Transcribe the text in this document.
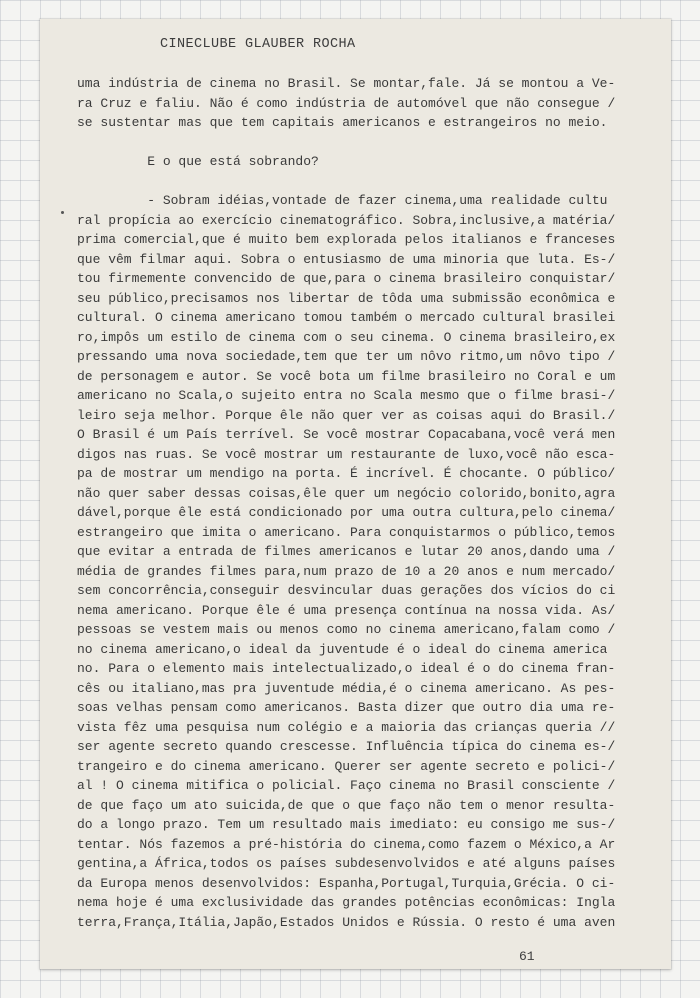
CINECLUBE GLAUBER ROCHA
uma indústria de cinema no Brasil. Se montar,fale. Já se montou a Ve-
ra Cruz e faliu. Não é como indústria de automóvel que não consegue /
se sustentar mas que tem capitais americanos e estrangeiros no meio.
E o que está sobrando?
- Sobram idéias,vontade de fazer cinema,uma realidade cultu
ral propícia ao exercício cinematográfico. Sobra,inclusive,a matéria/
prima comercial,que é muito bem explorada pelos italianos e franceses
que vêm filmar aqui. Sobra o entusiasmo de uma minoria que luta. Es-/
tou firmemente convencido de que,para o cinema brasileiro conquistar/
seu público,precisamos nos libertar de tôda uma submissão econômica e
cultural. O cinema americano tomou também o mercado cultural brasilei
ro,impôs um estilo de cinema com o seu cinema. O cinema brasileiro,ex
pressando uma nova sociedade,tem que ter um nôvo ritmo,um nôvo tipo /
de personagem e autor. Se você bota um filme brasileiro no Coral e um
americano no Scala,o sujeito entra no Scala mesmo que o filme brasi-/
leiro seja melhor. Porque êle não quer ver as coisas aqui do Brasil./
O Brasil é um País terrível. Se você mostrar Copacabana,você verá men
digos nas ruas. Se você mostrar um restaurante de luxo,você não esca-
pa de mostrar um mendigo na porta. É incrível. É chocante. O público/
não quer saber dessas coisas,êle quer um negócio colorido,bonito,agra
dável,porque êle está condicionado por uma outra cultura,pelo cinema/
estrangeiro que imita o americano. Para conquistarmos o público,temos
que evitar a entrada de filmes americanos e lutar 20 anos,dando uma /
média de grandes filmes para,num prazo de 10 a 20 anos e num mercado/
sem concorrência,conseguir desvincular duas gerações dos vícios do ci
nema americano. Porque êle é uma presença contínua na nossa vida. As/
pessoas se vestem mais ou menos como no cinema americano,falam como /
no cinema americano,o ideal da juventude é o ideal do cinema america
no. Para o elemento mais intelectualizado,o ideal é o do cinema fran-
cês ou italiano,mas pra juventude média,é o cinema americano. As pes-
soas velhas pensam como americanos. Basta dizer que outro dia uma re-
vista fêz uma pesquisa num colégio e a maioria das crianças queria //
ser agente secreto quando crescesse. Influência típica do cinema es-/
trangeiro e do cinema americano. Querer ser agente secreto e polici-/
al ! O cinema mitifica o policial. Faço cinema no Brasil consciente /
de que faço um ato suicida,de que o que faço não tem o menor resulta-
do a longo prazo. Tem um resultado mais imediato: eu consigo me sus-/
tentar. Nós fazemos a pré-história do cinema,como fazem o México,a Ar
gentina,a África,todos os países subdesenvolvidos e até alguns países
da Europa menos desenvolvidos: Espanha,Portugal,Turquia,Grécia. O ci-
nema hoje é uma exclusividade das grandes potências econômicas: Ingla
terra,França,Itália,Japão,Estados Unidos e Rússia. O resto é uma aven
61
